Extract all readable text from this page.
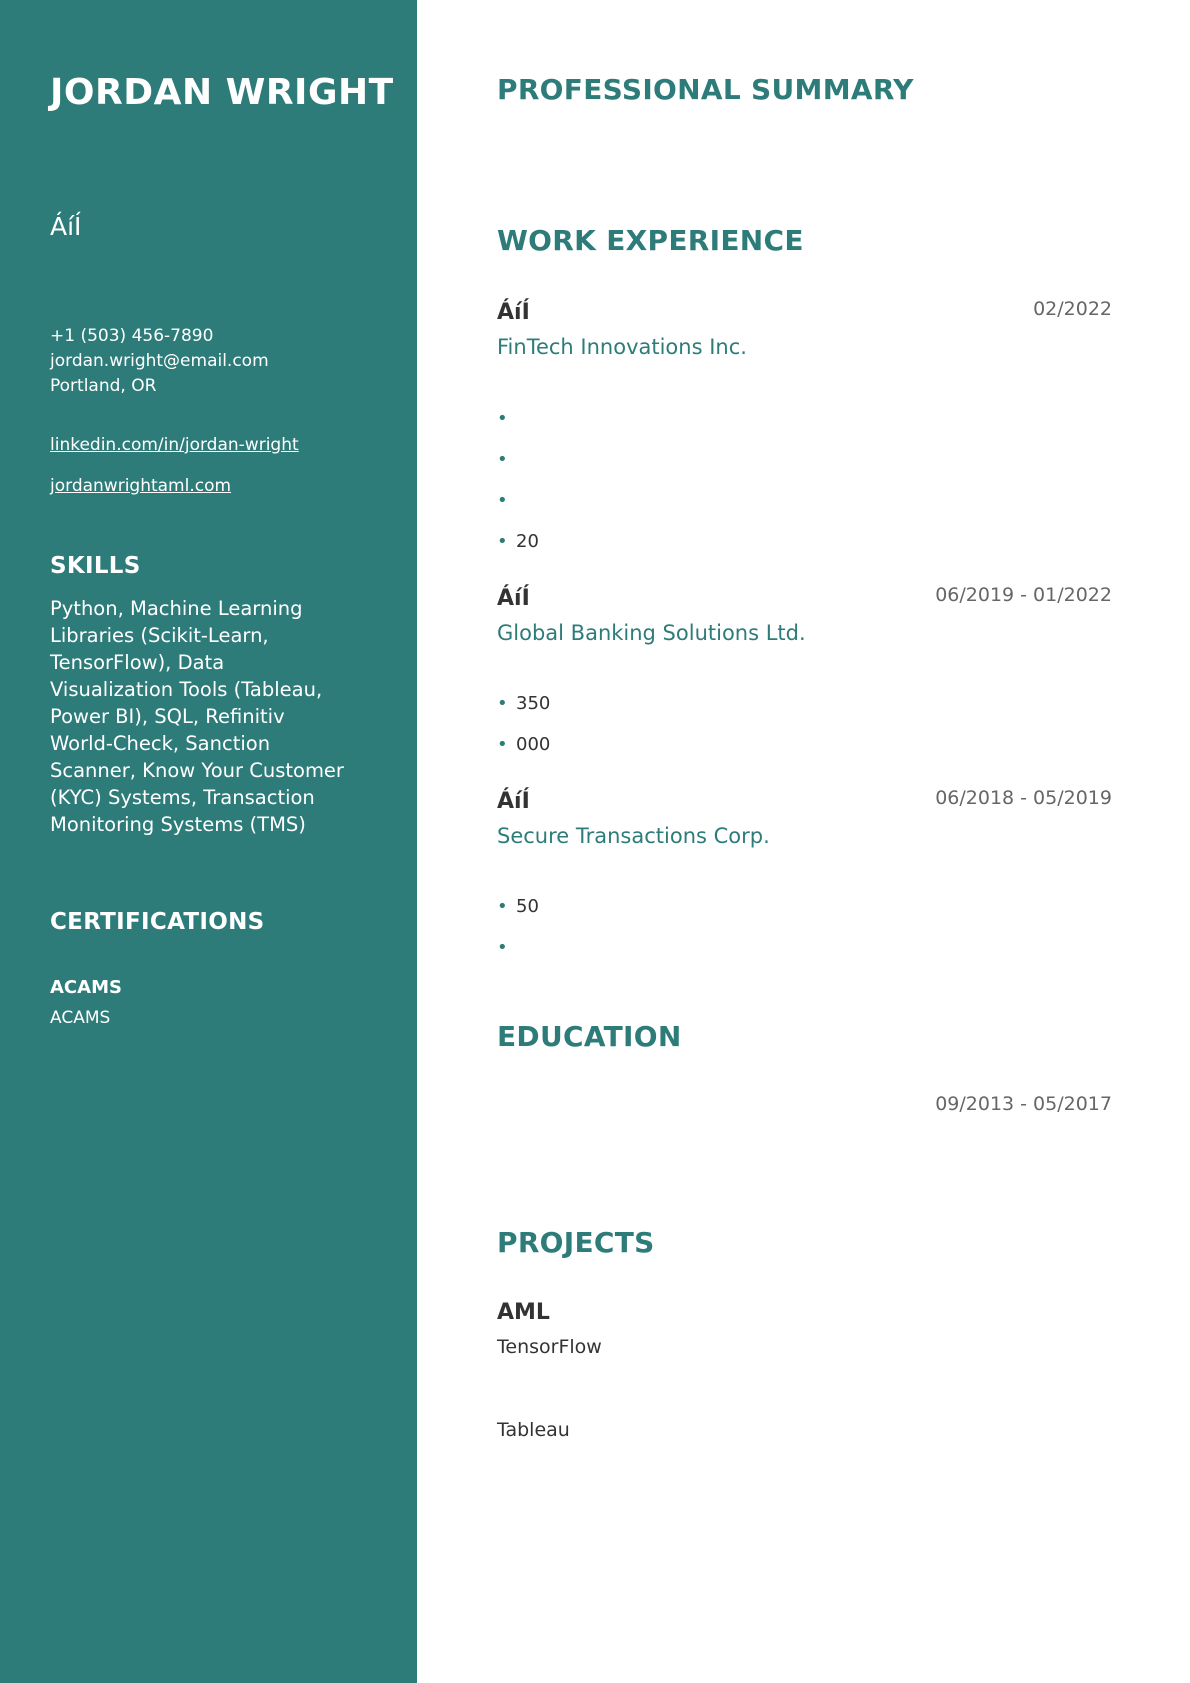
JORDAN WRIGHT
ÁíÍ
+1 (503) 456-7890
jordan.wright@email.com
Portland, OR
linkedin.com/in/jordan-wright
jordanwrightaml.com
SKILLS
Python, Machine Learning Libraries (Scikit-Learn, TensorFlow), Data Visualization Tools (Tableau, Power BI), SQL, Refinitiv World-Check, Sanction Scanner, Know Your Customer (KYC) Systems, Transaction Monitoring Systems (TMS)
CERTIFICATIONS
ACAMS
ACAMS
PROFESSIONAL SUMMARY

WORK EXPERIENCE
ÁíÍ	02/2022
FinTech Innovations Inc.
•
•
•
• 20
ÁíÍ	06/2019 - 01/2022
Global Banking Solutions Ltd.
• 350
• 000
ÁíÍ	06/2018 - 05/2019
Secure Transactions Corp.
• 50
•
EDUCATION
09/2013 - 05/2017
PROJECTS
AML
TensorFlow
Tableau
